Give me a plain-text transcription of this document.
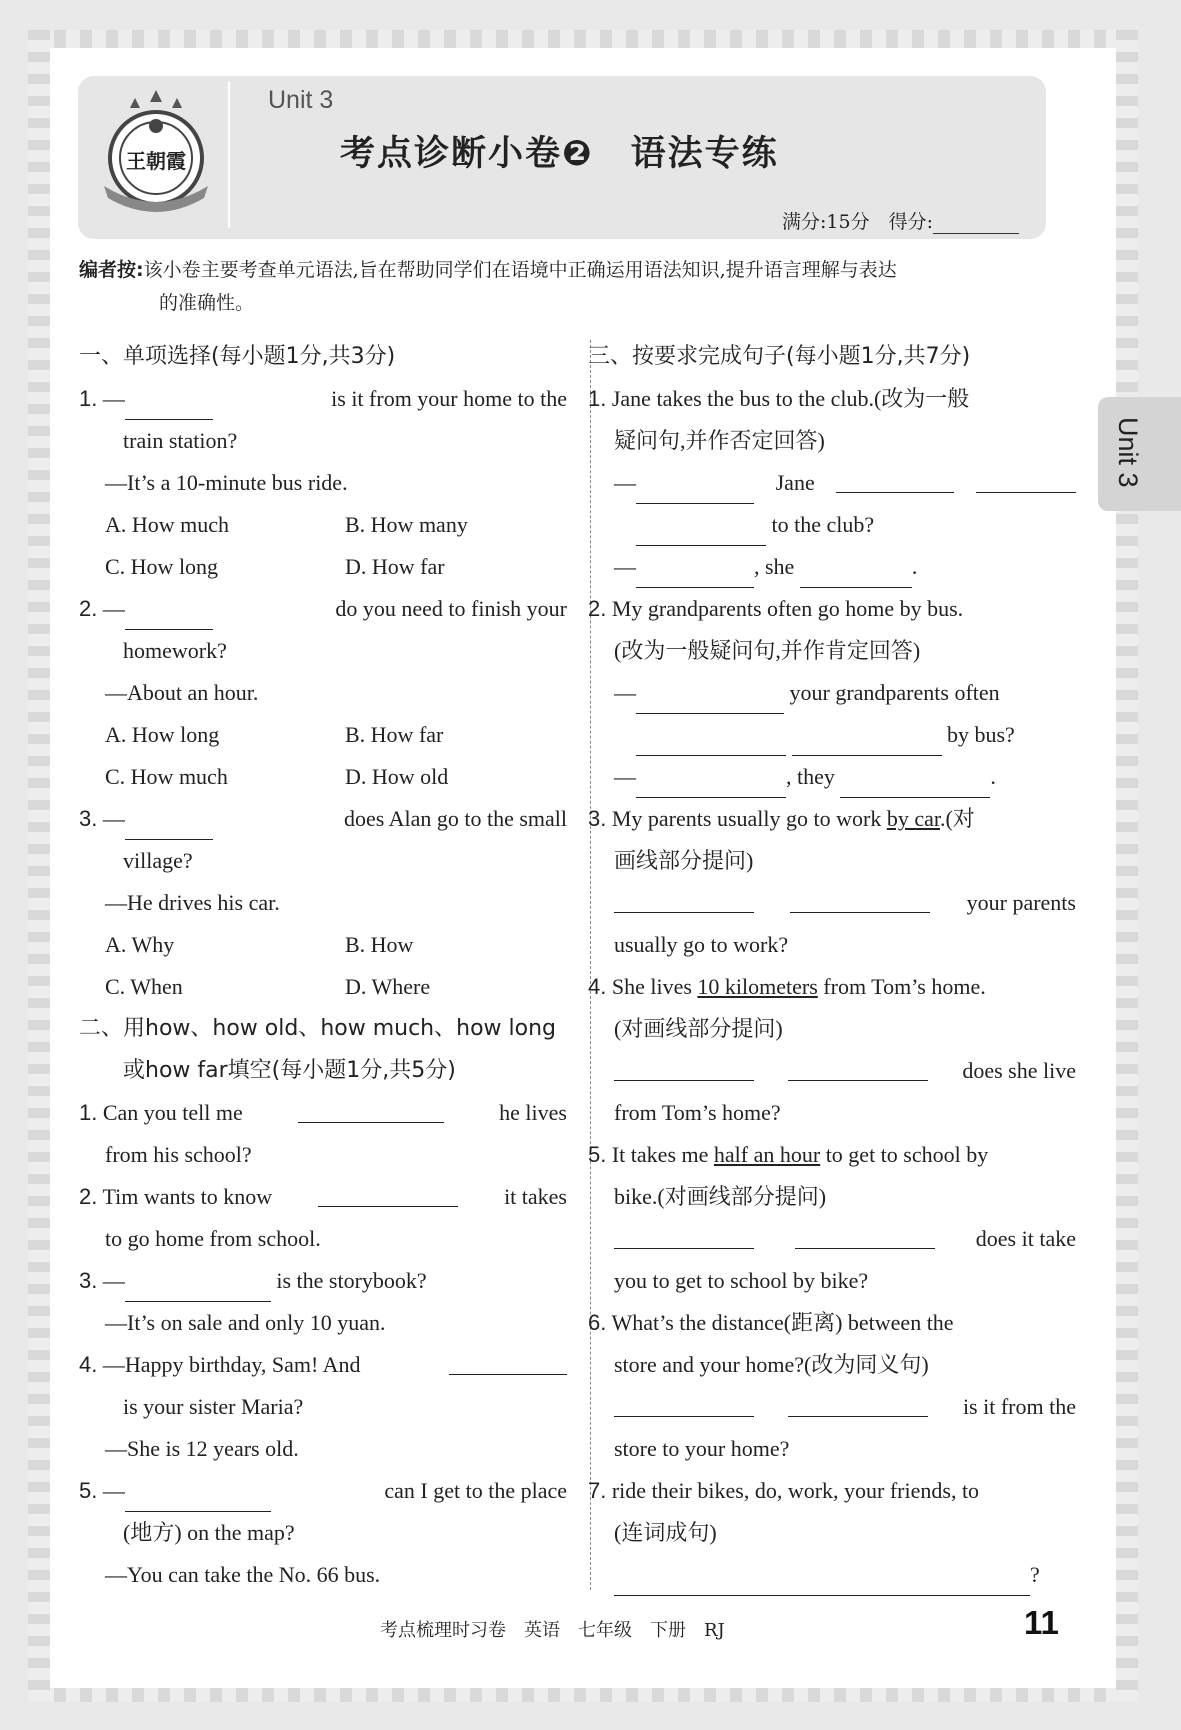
王朝霞
Unit 3
考点诊断小卷❷　语法专练
满分:15分　得分:
编者按:该小卷主要考查单元语法,旨在帮助同学们在语境中正确运用语法知识,提升语言理解与表达
的准确性。
一、单项选择(每小题1分,共3分)
1. —	is it from your home to the
train station?
—It’s a 10-minute bus ride.
A. How much	B. How many
C. How long	D. How far
2. —	do you need to finish your
homework?
—About an hour.
A. How long	B. How far
C. How much	D. How old
3. —	does Alan go to the small
village?
—He drives his car.
A. Why	B. How
C. When	D. Where
二、用how、how old、how much、how long
或how far填空(每小题1分,共5分)
1. Can you tell me	he lives
from his school?
2. Tim wants to know	it takes
to go home from school.
3. —	is the storybook?
—It’s on sale and only 10 yuan.
4. —Happy birthday, Sam! And
is your sister Maria?
—She is 12 years old.
5. —	can I get to the place
(地方) on the map?
—You can take the No. 66 bus.
三、按要求完成句子(每小题1分,共7分)
1. Jane takes the bus to the club.(改为一般
疑问句,并作否定回答)
—	Jane
to the club?
—	, she	.
2. My grandparents often go home by bus.
(改为一般疑问句,并作肯定回答)
—	your grandparents often
by bus?
—	, they	.
3. My parents usually go to work by car.(对
画线部分提问)
your parents
usually go to work?
4. She lives 10 kilometers from Tom’s home.
(对画线部分提问)
does she live
from Tom’s home?
5. It takes me half an hour to get to school by
bike.(对画线部分提问)
does it take
you to get to school by bike?
6. What’s the distance(距离) between the
store and your home?(改为同义句)
is it from the
store to your home?
7. ride their bikes, do, work, your friends, to
(连词成句)
?
考点梳理时习卷　英语　七年级　下册　RJ	11
Unit 3
